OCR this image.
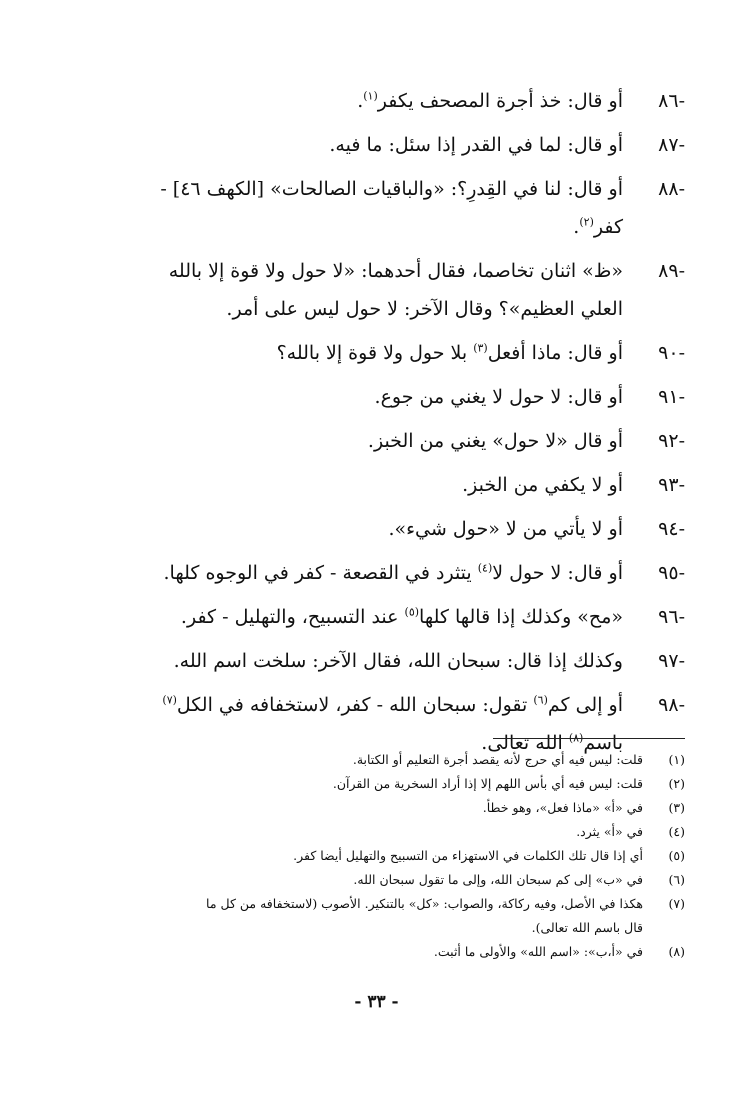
-٨٦
أو قال: خذ أجرة المصحف يكفر$^{(١)}$.
-٨٧
أو قال: لما في القدر إذا سئل: ما فيه.
-٨٨
أو قال: لنا في القِدرِ؟: «والباقيات الصالحات» [الكهف ٤٦] -
كفر$^{(٢)}$.
-٨٩
«ظ» اثنان تخاصما، فقال أحدهما: «لا حول ولا قوة إلا بالله
العلي العظيم»؟ وقال الآخر: لا حول ليس على أمر.
-٩٠
أو قال: ماذا أفعل$^{(٣)}$ بلا حول ولا قوة إلا بالله؟
-٩١
أو قال: لا حول لا يغني من جوع.
-٩٢
أو قال «لا حول» يغني من الخبز.
-٩٣
أو لا يكفي من الخبز.
-٩٤
أو لا يأتي من لا «حول شيء».
-٩٥
أو قال: لا حول لا$^{(٤)}$ يتثرد في القصعة - كفر في الوجوه كلها.
-٩٦
«مح» وكذلك إذا قالها كلها$^{(٥)}$ عند التسبيح، والتهليل - كفر.
-٩٧
وكذلك إذا قال: سبحان الله، فقال الآخر: سلخت اسم الله.
-٩٨
أو إلى كم$^{(٦)}$ تقول: سبحان الله - كفر، لاستخفافه في الكل$^{(٧)}$
باسم$^{(٨)}$ الله تعالى.
(١)
قلت: ليس فيه أي حرج لأنه يقصد أجرة التعليم أو الكتابة.
(٢)
قلت: ليس فيه أي بأس اللهم إلا إذا أراد السخرية من القرآن.
(٣)
في «أ» «ماذا فعل»، وهو خطأ.
(٤)
في «أ» يثرد.
(٥)
أي إذا قال تلك الكلمات في الاستهزاء من التسبيح والتهليل أيضا كفر.
(٦)
في «ب» إلى كم سبحان الله، وإلى ما تقول سبحان الله.
(٧)
هكذا في الأصل، وفيه ركاكة، والصواب: «كل» بالتنكير. الأصوب (لاستخفافه من كل ما
قال باسم الله تعالى).
(٨)
في «أ،ب»: «اسم الله» والأولى ما أثبت.
- ٣٣ -
